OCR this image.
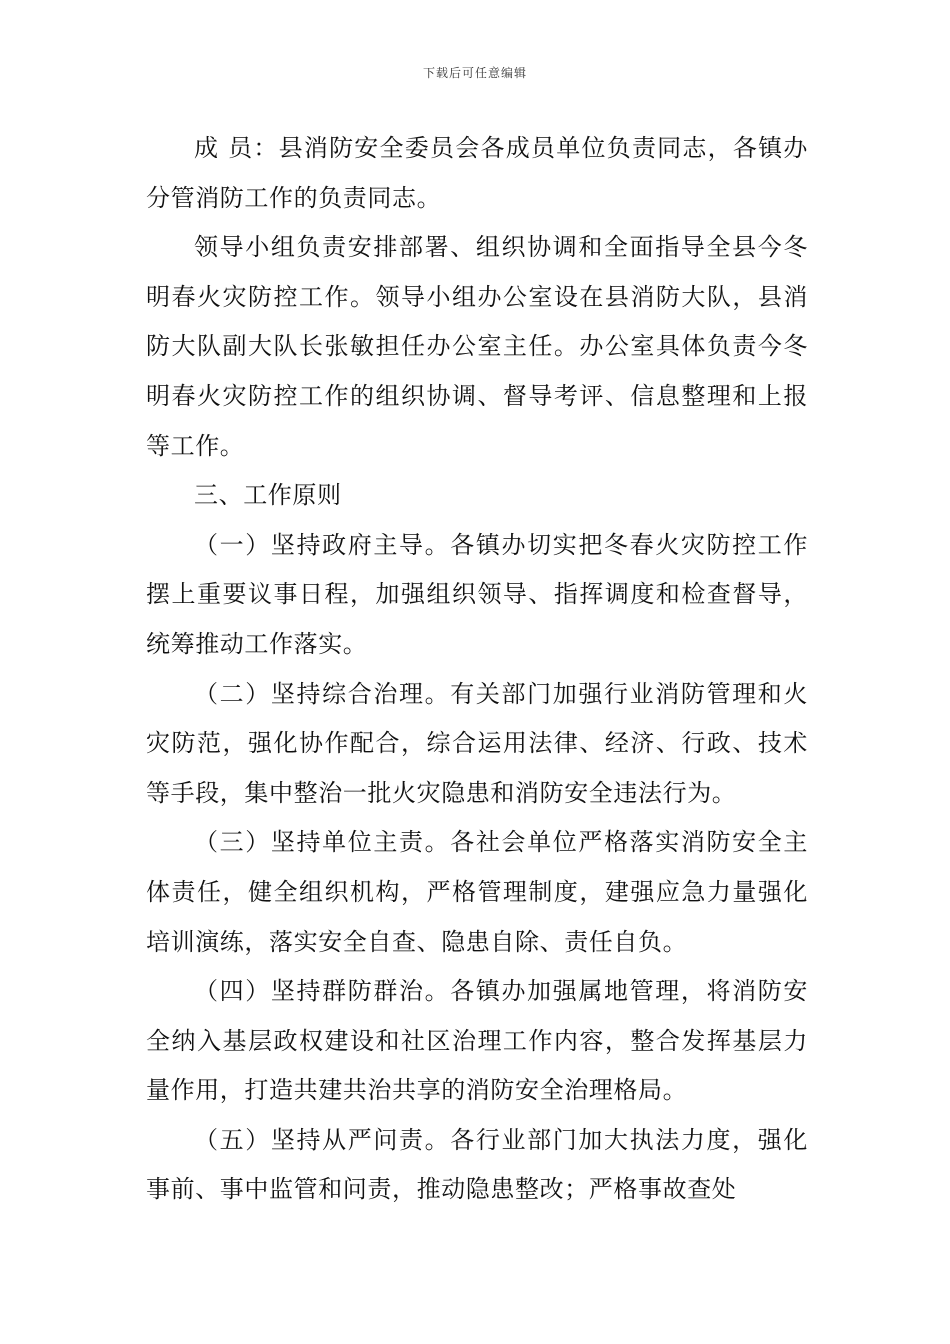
下载后可任意编辑

成 员：县消防安全委员会各成员单位负责同志，各镇办分管消防工作的负责同志。

领导小组负责安排部署、组织协调和全面指导全县今冬明春火灾防控工作。领导小组办公室设在县消防大队，县消防大队副大队长张敏担任办公室主任。办公室具体负责今冬明春火灾防控工作的组织协调、督导考评、信息整理和上报等工作。

三、工作原则

（一）坚持政府主导。各镇办切实把冬春火灾防控工作摆上重要议事日程，加强组织领导、指挥调度和检查督导，统筹推动工作落实。

（二）坚持综合治理。有关部门加强行业消防管理和火灾防范，强化协作配合，综合运用法律、经济、行政、技术等手段，集中整治一批火灾隐患和消防安全违法行为。

（三）坚持单位主责。各社会单位严格落实消防安全主体责任，健全组织机构，严格管理制度，建强应急力量强化培训演练，落实安全自查、隐患自除、责任自负。

（四）坚持群防群治。各镇办加强属地管理，将消防安全纳入基层政权建设和社区治理工作内容，整合发挥基层力量作用，打造共建共治共享的消防安全治理格局。

（五）坚持从严问责。各行业部门加大执法力度，强化事前、事中监管和问责，推动隐患整改；严格事故查处
